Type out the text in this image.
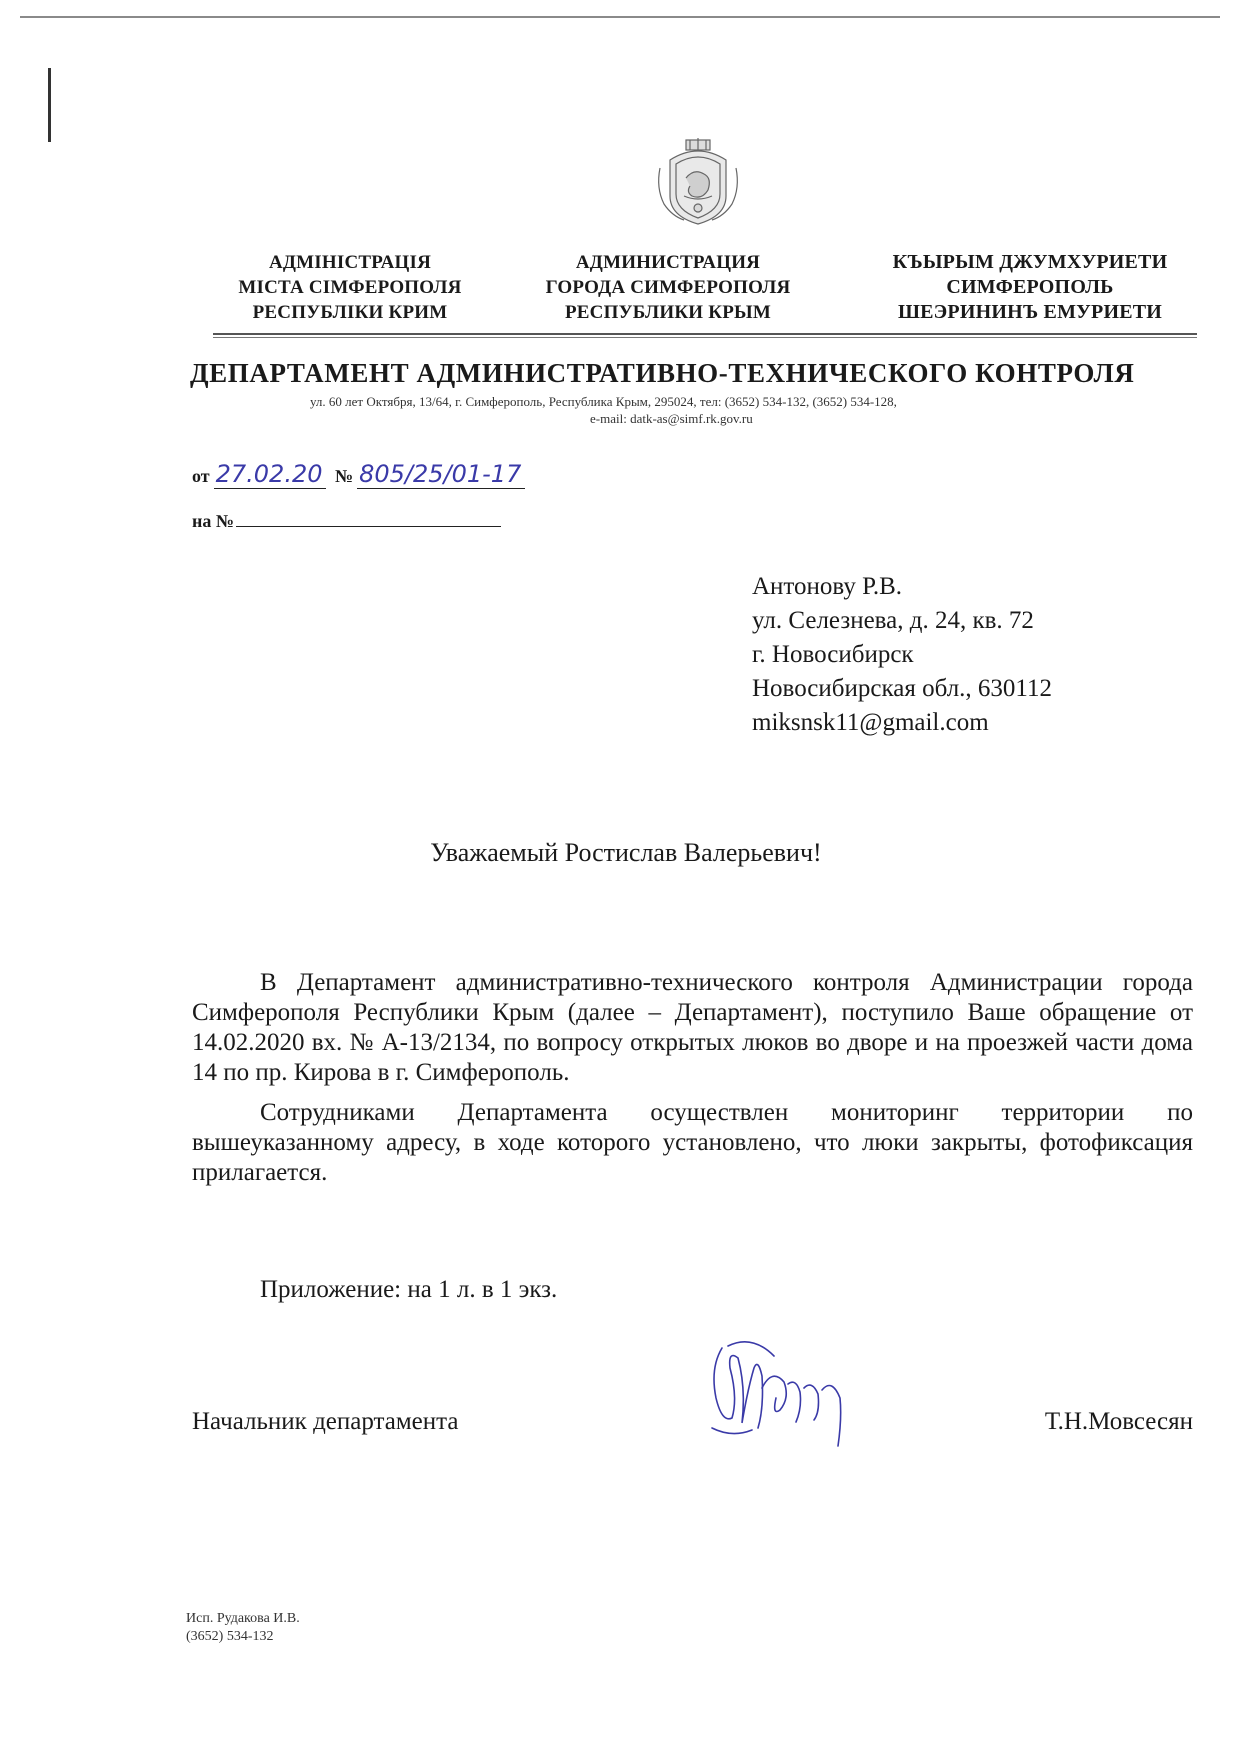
АДМІНІСТРАЦІЯ
МІСТА СІМФЕРОПОЛЯ
РЕСПУБЛІКИ КРИМ
АДМИНИСТРАЦИЯ
ГОРОДА СИМФЕРОПОЛЯ
РЕСПУБЛИКИ КРЫМ
КЪЫРЫМ ДЖУМХУРИЕТИ
СИМФЕРОПОЛЬ
ШЕЭРИНИНЪ ЕМУРИЕТИ
ДЕПАРТАМЕНТ АДМИНИСТРАТИВНО-ТЕХНИЧЕСКОГО КОНТРОЛЯ
ул. 60 лет Октября, 13/64, г. Симферополь, Республика Крым, 295024, тел: (3652) 534-132, (3652) 534-128,
e-mail: datk-as@simf.rk.gov.ru
от 27.02.20 № 805/25/01-17
на №
Антонову Р.В.
ул. Селезнева, д. 24, кв. 72
г. Новосибирск
Новосибирская обл., 630112
miksnsk11@gmail.com
Уважаемый Ростислав Валерьевич!

В Департамент административно-технического контроля Администрации города Симферополя Республики Крым (далее – Департамент), поступило Ваше обращение от 14.02.2020 вх. № А-13/2134, по вопросу открытых люков во дворе и на проезжей части дома 14 по пр. Кирова в г. Симферополь.

Сотрудниками Департамента осуществлен мониторинг территории по вышеуказанному адресу, в ходе которого установлено, что люки закрыты, фотофиксация прилагается.

Приложение: на 1 л. в 1 экз.
Начальник департамента	Т.Н.Мовсесян
Исп. Рудакова И.В.
(3652) 534-132
